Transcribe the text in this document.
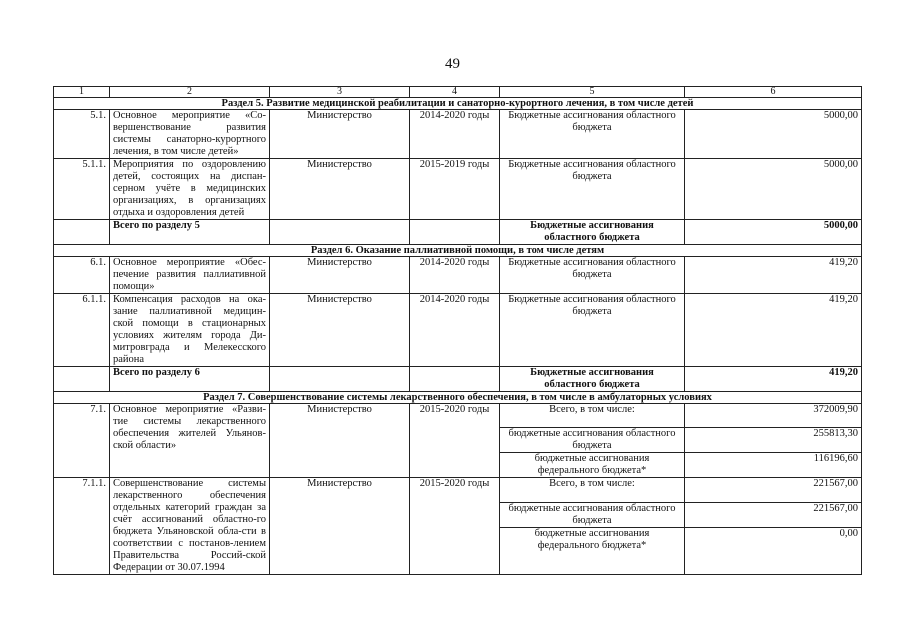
49
1	2	3	4	5	6
Раздел 5. Развитие медицинской реабилитации и санаторно-курортного лечения, в том числе детей					
5.1.	Основное мероприятие «Со-вершенствование развития системы санаторно-курортного лечения, в том числе детей»	Министерство	2014-2020 годы	Бюджетные ассигнования областного бюджета	5000,00
5.1.1.	Мероприятия по оздоровлению детей, состоящих на диспан-серном учёте в медицинских организациях, в организациях отдыха и оздоровления детей	Министерство	2015-2019 годы	Бюджетные ассигнования областного бюджета	5000,00
	Всего по разделу 5			Бюджетные ассигнования областного бюджета	5000,00
Раздел 6. Оказание паллиативной помощи, в том числе детям					
6.1.	Основное мероприятие «Обес-печение развития паллиативной помощи»	Министерство	2014-2020 годы	Бюджетные ассигнования областного бюджета	419,20
6.1.1.	Компенсация расходов на ока-зание паллиативной медицин-ской помощи в стационарных условиях жителям города Ди-митровграда и Мелекесского района	Министерство	2014-2020 годы	Бюджетные ассигнования областного бюджета	419,20
	Всего по разделу 6			Бюджетные ассигнования областного бюджета	419,20
Раздел 7. Совершенствование системы лекарственного обеспечения, в том числе в амбулаторных условиях					
7.1.	Основное мероприятие «Разви-тие системы лекарственного обеспечения жителей Ульянов-ской области»	Министерство	2015-2020 годы	Всего, в том числе:	372009,90
				бюджетные ассигнования областного бюджета	255813,30
				бюджетные ассигнования федерального бюджета*	116196,60
7.1.1.	Совершенствование системы лекарственного обеспечения отдельных категорий граждан за счёт ассигнований областно-го бюджета Ульяновской обла-сти в соответствии с постанов-лением Правительства Россий-ской Федерации от 30.07.1994	Министерство	2015-2020 годы	Всего, в том числе:	221567,00
				бюджетные ассигнования областного бюджета	221567,00
				бюджетные ассигнования федерального бюджета*	0,00
